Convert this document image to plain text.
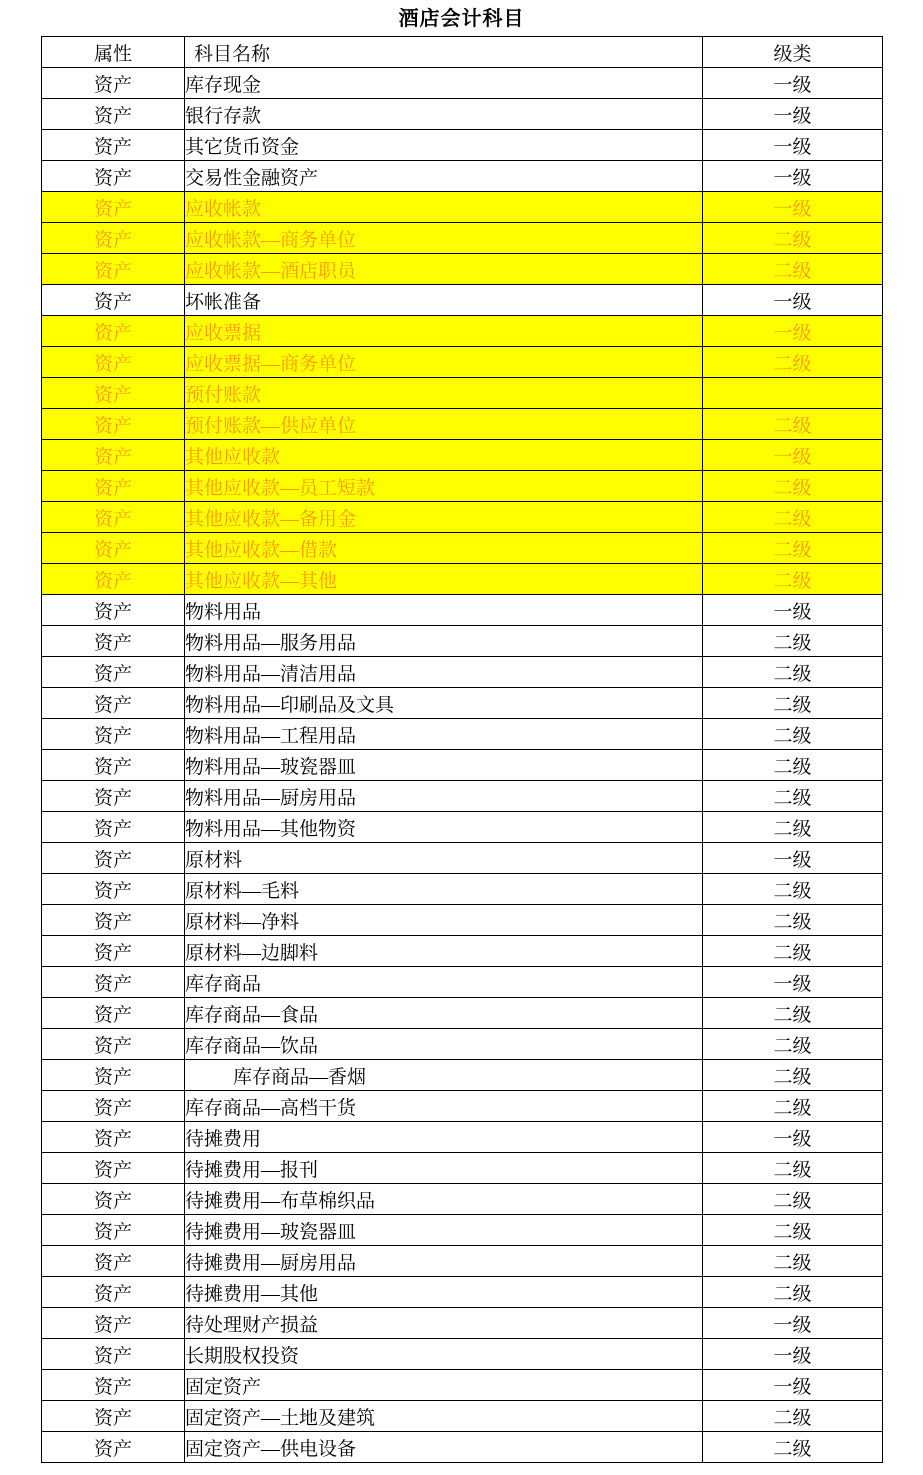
酒店会计科目
属性	科目名称	级类
资产	库存现金	一级
资产	银行存款	一级
资产	其它货币资金	一级
资产	交易性金融资产	一级
资产	应收帐款	一级
资产	应收帐款—商务单位	二级
资产	应收帐款—酒店职员	二级
资产	坏帐准备	一级
资产	应收票据	一级
资产	应收票据—商务单位	二级
资产	预付账款	
资产	预付账款—供应单位	二级
资产	其他应收款	一级
资产	其他应收款—员工短款	二级
资产	其他应收款—备用金	二级
资产	其他应收款—借款	二级
资产	其他应收款—其他	二级
资产	物料用品	一级
资产	物料用品—服务用品	二级
资产	物料用品—清洁用品	二级
资产	物料用品—印刷品及文具	二级
资产	物料用品—工程用品	二级
资产	物料用品—玻瓷器皿	二级
资产	物料用品—厨房用品	二级
资产	物料用品—其他物资	二级
资产	原材料	一级
资产	原材料—毛料	二级
资产	原材料—净料	二级
资产	原材料—边脚料	二级
资产	库存商品	一级
资产	库存商品—食品	二级
资产	库存商品—饮品	二级
资产	库存商品—香烟	二级
资产	库存商品—高档干货	二级
资产	待摊费用	一级
资产	待摊费用—报刊	二级
资产	待摊费用—布草棉织品	二级
资产	待摊费用—玻瓷器皿	二级
资产	待摊费用—厨房用品	二级
资产	待摊费用—其他	二级
资产	待处理财产损益	一级
资产	长期股权投资	一级
资产	固定资产	一级
资产	固定资产—土地及建筑	二级
资产	固定资产—供电设备	二级
